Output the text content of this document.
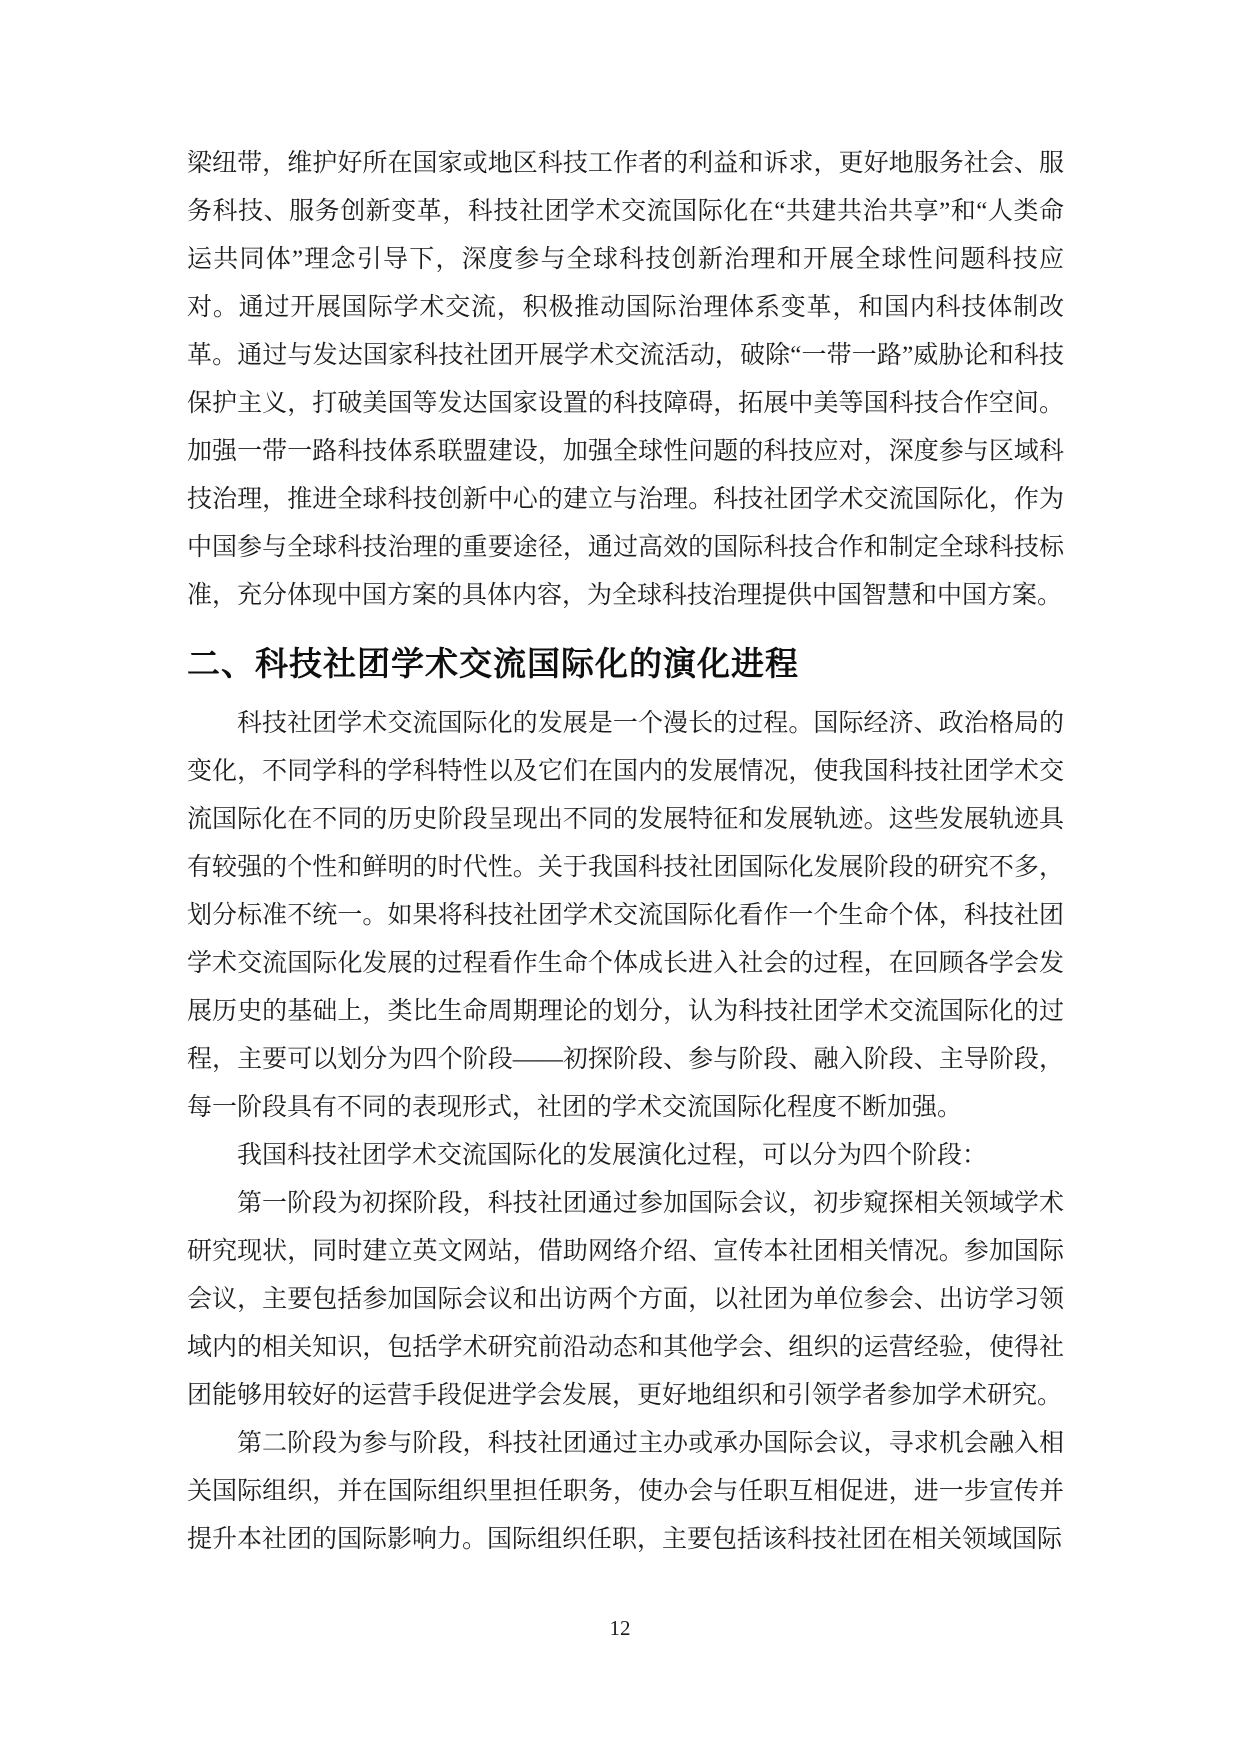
梁纽带，维护好所在国家或地区科技工作者的利益和诉求，更好地服务社会、服务科技、服务创新变革，科技社团学术交流国际化在“共建共治共享”和“人类命运共同体”理念引导下，深度参与全球科技创新治理和开展全球性问题科技应对。通过开展国际学术交流，积极推动国际治理体系变革，和国内科技体制改革。通过与发达国家科技社团开展学术交流活动，破除“一带一路”威胁论和科技保护主义，打破美国等发达国家设置的科技障碍，拓展中美等国科技合作空间。加强一带一路科技体系联盟建设，加强全球性问题的科技应对，深度参与区域科技治理，推进全球科技创新中心的建立与治理。科技社团学术交流国际化，作为中国参与全球科技治理的重要途径，通过高效的国际科技合作和制定全球科技标准，充分体现中国方案的具体内容，为全球科技治理提供中国智慧和中国方案。

二、科技社团学术交流国际化的演化进程

科技社团学术交流国际化的发展是一个漫长的过程。国际经济、政治格局的变化，不同学科的学科特性以及它们在国内的发展情况，使我国科技社团学术交流国际化在不同的历史阶段呈现出不同的发展特征和发展轨迹。这些发展轨迹具有较强的个性和鲜明的时代性。关于我国科技社团国际化发展阶段的研究不多，划分标准不统一。如果将科技社团学术交流国际化看作一个生命个体，科技社团学术交流国际化发展的过程看作生命个体成长进入社会的过程，在回顾各学会发展历史的基础上，类比生命周期理论的划分，认为科技社团学术交流国际化的过程，主要可以划分为四个阶段——初探阶段、参与阶段、融入阶段、主导阶段，每一阶段具有不同的表现形式，社团的学术交流国际化程度不断加强。

我国科技社团学术交流国际化的发展演化过程，可以分为四个阶段：

第一阶段为初探阶段，科技社团通过参加国际会议，初步窥探相关领域学术研究现状，同时建立英文网站，借助网络介绍、宣传本社团相关情况。参加国际会议，主要包括参加国际会议和出访两个方面，以社团为单位参会、出访学习领域内的相关知识，包括学术研究前沿动态和其他学会、组织的运营经验，使得社团能够用较好的运营手段促进学会发展，更好地组织和引领学者参加学术研究。

第二阶段为参与阶段，科技社团通过主办或承办国际会议，寻求机会融入相关国际组织，并在国际组织里担任职务，使办会与任职互相促进，进一步宣传并提升本社团的国际影响力。国际组织任职，主要包括该科技社团在相关领域国际

12
